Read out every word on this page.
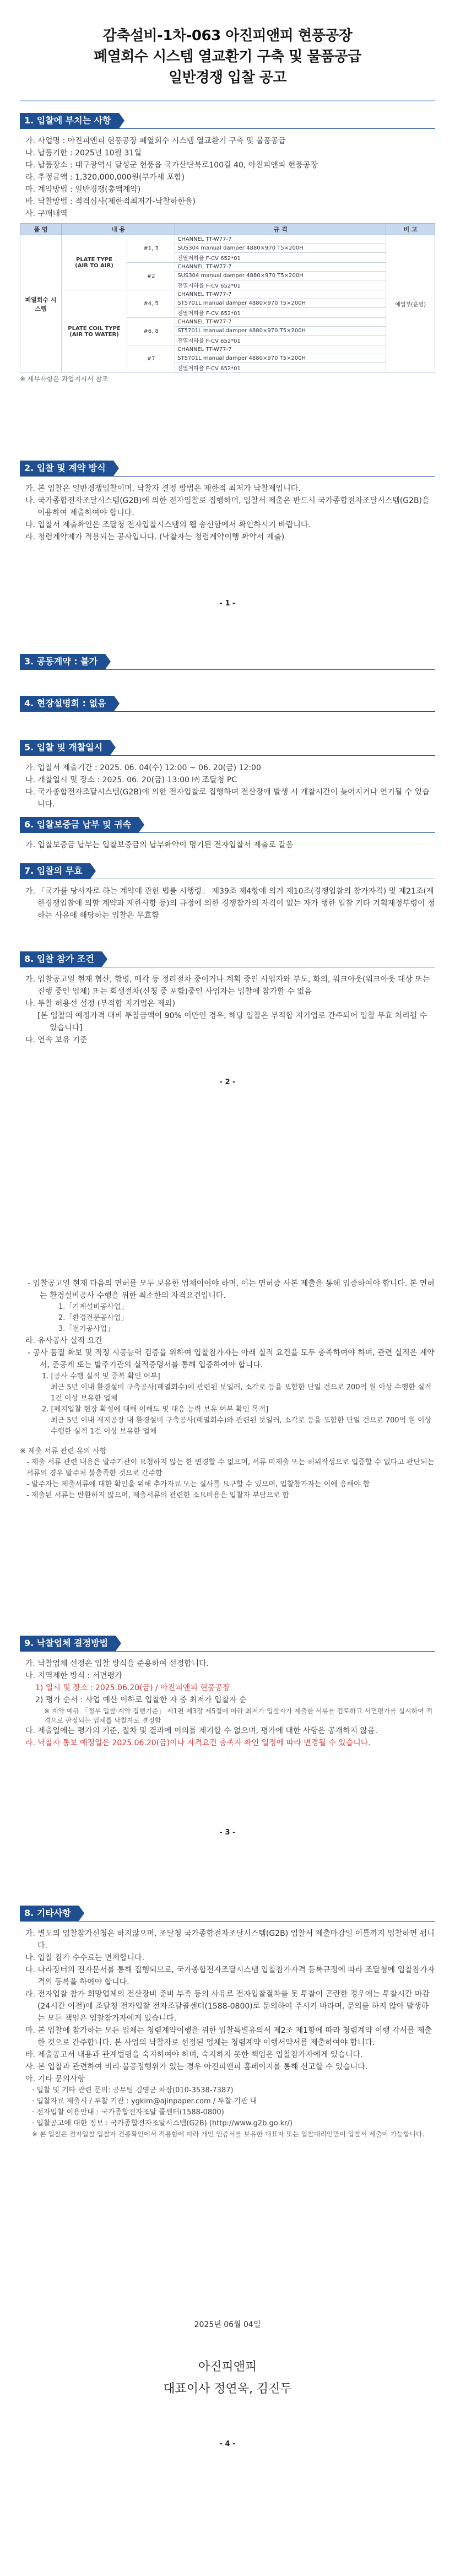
감축설비-1차-063 아진피앤피 현풍공장
폐열회수 시스템 열교환기 구축 및 물품공급
일반경쟁 입찰 공고
1. 입찰에 부치는 사항
가. 사업명 : 아진피앤피 현풍공장 폐열회수 시스템 열교환기 구축 및 물품공급
나. 납품기한 : 2025년 10월 31일
다. 납품장소 : 대구광역시 달성군 현풍읍 국가산단북로100길 40, 아진피앤피 현풍공장
라. 추정금액 : 1,320,000,000원(부가세 포함)
마. 계약방법 : 일반경쟁(총액계약)
바. 낙찰방법 : 적격심사(제한적최저가-낙찰하한율)
사. 구매내역
품 명	내 용		규 격	비 고
폐열회수 시스템	PLATE TYPE
(AIR TO AIR)	#1, 3	CHANNEL TT-W77-7	예열부(운영)
			SUS304 manual damper 4880×970 T5×200H	
			전열저하율 F-CV 652*01	
		#2	CHANNEL TT-W77-7	
			SUS304 manual damper 4880×970 T5×200H	
			전열저하율 F-CV 652*01	
	PLATE COIL TYPE
(AIR TO WATER)	#4, 5	CHANNEL TT-W77-7	
			ST5701L manual damper 4880×970 T5×200H	
			전열저하율 F-CV 652*01	
		#6, 8	CHANNEL TT-W77-7	
			ST5701L manual damper 4880×970 T5×200H	
			전열저하율 F-CV 652*01	
		#7	CHANNEL TT-W77-7	
			ST5701L manual damper 4880×970 T5×200H	
			전열저하율 F-CV 652*01	
※ 세부사항은 과업지시서 참조
2. 입찰 및 계약 방식
가. 본 입찰은 일반경쟁입찰이며, 낙찰자 결정 방법은 제한적 최저가 낙찰제입니다.
나. 국가종합전자조달시스템(G2B)에 의한 전자입찰로 집행하며, 입찰서 제출은 반드시 국가종합전자조달시스템(G2B)을 이용하여 제출하여야 합니다.
다. 입찰서 제출확인은 조달청 전자입찰시스템의 웹 송신함에서 확인하시기 바랍니다.
라. 청렴계약제가 적용되는 공사입니다. (낙찰자는 청렴계약이행 확약서 제출)
- 1 -
3. 공동계약 : 불가
4. 현장설명회 : 없음
5. 입찰 및 개찰일시
가. 입찰서 제출기간 : 2025. 06. 04(수) 12:00 ~ 06. 20(금) 12:00
나. 개찰일시 및 장소 : 2025. 06. 20(금) 13:00 ㈜ 조달청 PC
다. 국가종합전자조달시스템(G2B)에 의한 전자입찰로 집행하며 전산장애 발생 시 개찰시간이 늦어지거나 연기될 수 있습니다.
6. 입찰보증금 납부 및 귀속
가. 입찰보증금 납부는 입찰보증금의 납부확약이 명기된 전자입찰서 제출로 갈음
7. 입찰의 무효
가. 「국가를 당사자로 하는 계약에 관한 법률 시행령」 제39조 제4항에 의거 제10조(경쟁입찰의 참가자격) 및 제21조(제한경쟁입찰에 의할 계약과 제한사항 등)의 규정에 의한 경쟁참가의 자격이 없는 자가 행한 입찰 기타 기획재정부령이 정하는 사유에 해당하는 입찰은 무효함
8. 입찰 참가 조건
가. 입찰공고일 현재 협산, 합병, 매각 등 정리절차 중이거나 계획 중인 사업자와 부도, 화의, 워크아웃(워크아웃 대상 또는 진행 중인 업체) 또는 회생절차(신청 중 포함)중인 사업자는 입찰에 참가할 수 없음
나. 투찰 허용선 설정 (부적합 지기업은 제외)
[본 입찰의 예정가격 대비 투찰금액이 90% 이만인 경우, 해당 입찰은 부적합 지기업로 간주되어 입찰 무효 처리될 수 있습니다]
다. 연속 보유 기준
- 2 -
- 입찰공고일 현재 다음의 면허를 모두 보유한 업체이어야 하며, 이는 면허증 사본 제출을 통해 입증하여야 합니다. 본 면허는 환경설비공사 수행을 위한 최소한의 자격요건입니다.
1.「기계설비공사업」
2.「환경전문공사업」
3.「전기공사업」
라. 유사공사 실적 요건
- 공사 품질 확보 및 적정 시공능력 검증을 위하여 입찰참가자는 아래 실적 요건을 모두 충족하여야 하며, 관련 실적은 계약서, 준공계 또는 발주기관의 실적증명서를 통해 입증하여야 합니다.
1. [공사 수행 실적 및 중복 확인 여부]
최근 5년 이내 환경설비 구축공사(폐열회수)에 관련된 보일러, 소각로 등을 포함한 단일 건으로 200억 원 이상 수행한 실적 1건 이상 보유한 업체
2. [폐지입찰 현장 확성에 대해 이해도 및 대응 능력 보유 여부 확인 목적]
최근 5년 이내 제지공장 내 환경설비 구축공사(폐열회수)와 관련된 보일러, 소각로 등을 포함한 단일 건으로 700억 원 이상 수행한 실적 1건 이상 보유한 업체
※ 제출 서류 관련 유의 사항
- 제출 서류 관련 내용은 발주기관이 요청하지 않는 한 변경할 수 없으며, 서류 미제출 또는 허위작성으로 입증할 수 없다고 판단되는 서류의 경우 발주처 불충족한 것으로 간주함
- 발주자는 제출서류에 대한 확인을 위해 추가자료 또는 실사를 요구할 수 있으며, 입찰참가자는 이에 응해야 함
- 제출된 서류는 반환하지 않으며, 제출서류의 관련한 소요비용은 입찰자 부담으로 함
9. 낙찰업체 결정방법
가. 낙찰업체 선정은 입찰 방식을 준용하여 선정합니다.
나. 지역제한 방식 : 서면평가
1) 일시 및 장소 : 2025.06.20(금) / 아진피앤피 현풍공장
2) 평가 순서 : 사업 예산 이하로 입찰한 자 중 최저가 입찰자 순
※ 계약 예규 「정부 입찰·계약 집행기준」 제1편 제3장 제5절에 따라 최저가 입찰자가 제출한 서류를 검토하고 서면평가를 실시하여 적격으로 판정되는 업체를 낙찰자로 결정함
다. 제출일에는 평가의 기준, 절차 및 결과에 이의를 제기할 수 없으며, 평가에 대한 사항은 공개하지 않음.
라. 낙찰자 통보 예정일은 2025.06.20(금)이나 자격요건 충족자 확인 일정에 따라 변경될 수 있습니다.
- 3 -
8. 기타사항
가. 별도의 입찰참가신청은 하지않으며, 조달청 국가종합전자조달시스템(G2B) 입찰서 제출마감일 이틀까지 입찰하면 됩니다.
나. 입찰 참가 수수료는 면제합니다.
다. 나라장터의 전자문서를 통해 집행되므로, 국가종합전자조달시스템 입찰참가자격 등록규정에 따라 조달청에 입찰참가자격의 등록을 하여야 합니다.
라. 전자입찰 참가 희망업체의 전산장비 준비 부족 등의 사유로 전자입찰절차를 못 투찰이 곤란한 경우에는 투찰시간 마감(24시간 이전)에 조달청 전자입찰 전자조달콜센터(1588-0800)로 문의하여 주시기 바라며, 문의를 하지 않아 발생하는 모든 책임은 입찰참가자에게 있습니다.
마. 본 입찰에 참가하는 모든 업체는 청렴계약이행을 위한 입찰특별유의서 제2조 제1항에 따라 청렴계약 이행 각서를 제출한 것으로 간주합니다. 본 사업의 낙찰자로 선정된 업체는 청렴계약 이행서약서를 제출하여야 합니다.
바. 제출공고서 내용과 관계법령을 숙지하여야 하며, 숙지하지 못한 책임은 입찰참가자에게 있습니다.
사. 본 입찰과 관련하여 비리·불공정행위가 있는 경우 아진피앤피 홈페이지를 통해 신고할 수 있습니다.
아. 기타 문의사항
· 입찰 및 기타 관련 문의: 공무팀 김영군 차장(010-3538-7387)
· 입찰자료 제출시 / 투찰 기관 : ygkim@ajinpaper.com / 투찰 기관 내
· 전자입찰 이용안내 : 국가종합전자조달 콜센터(1588-0800)
· 입찰공고에 대한 정보 : 국가종합전자조달시스템(G2B) (http://www.g2b.go.kr/)
※ 본 입찰은 전자입찰 입찰자 전종확인에서 적용함에 따라 개인 인증서를 보유한 대표자 또는 입찰대리인만이 입찰서 제출이 가능합니다.
2025년 06월 04일
아진피앤피
대표이사 정연욱, 김진두
- 4 -
